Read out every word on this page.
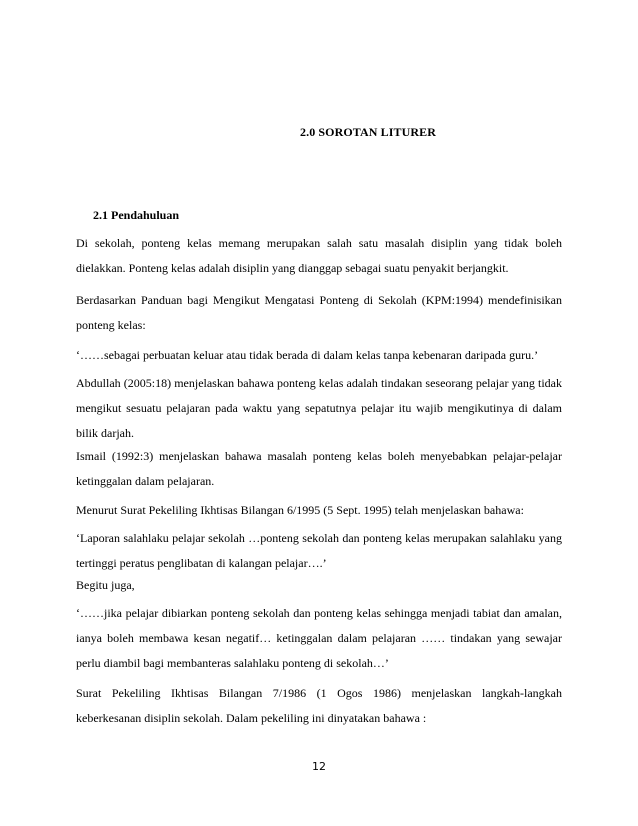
2.0 SOROTAN LITURER
2.1 Pendahuluan

Di sekolah, ponteng kelas memang merupakan salah satu masalah disiplin yang tidak boleh dielakkan. Ponteng kelas adalah disiplin yang dianggap sebagai suatu penyakit berjangkit.

Berdasarkan Panduan bagi Mengikut Mengatasi Ponteng di Sekolah (KPM:1994) mendefinisikan ponteng kelas:

‘……sebagai perbuatan keluar atau tidak berada di dalam kelas tanpa kebenaran daripada guru.’

Abdullah (2005:18) menjelaskan bahawa ponteng kelas adalah tindakan seseorang pelajar yang tidak mengikut sesuatu pelajaran pada waktu yang sepatutnya pelajar itu wajib mengikutinya di dalam bilik darjah.

Ismail (1992:3) menjelaskan bahawa masalah ponteng kelas boleh menyebabkan pelajar-pelajar ketinggalan dalam pelajaran.

Menurut Surat Pekeliling Ikhtisas Bilangan 6/1995 (5 Sept. 1995) telah menjelaskan bahawa:

‘Laporan salahlaku pelajar sekolah …ponteng sekolah dan ponteng kelas merupakan salahlaku yang tertinggi peratus penglibatan di kalangan pelajar….’

Begitu juga,

‘……jika pelajar dibiarkan ponteng sekolah dan ponteng kelas sehingga menjadi tabiat dan amalan, ianya boleh membawa kesan negatif… ketinggalan dalam pelajaran …… tindakan yang sewajar perlu diambil bagi membanteras salahlaku ponteng di sekolah…’

Surat Pekeliling Ikhtisas Bilangan 7/1986 (1 Ogos 1986) menjelaskan langkah-langkah keberkesanan disiplin sekolah. Dalam pekeliling ini dinyatakan bahawa :

12
